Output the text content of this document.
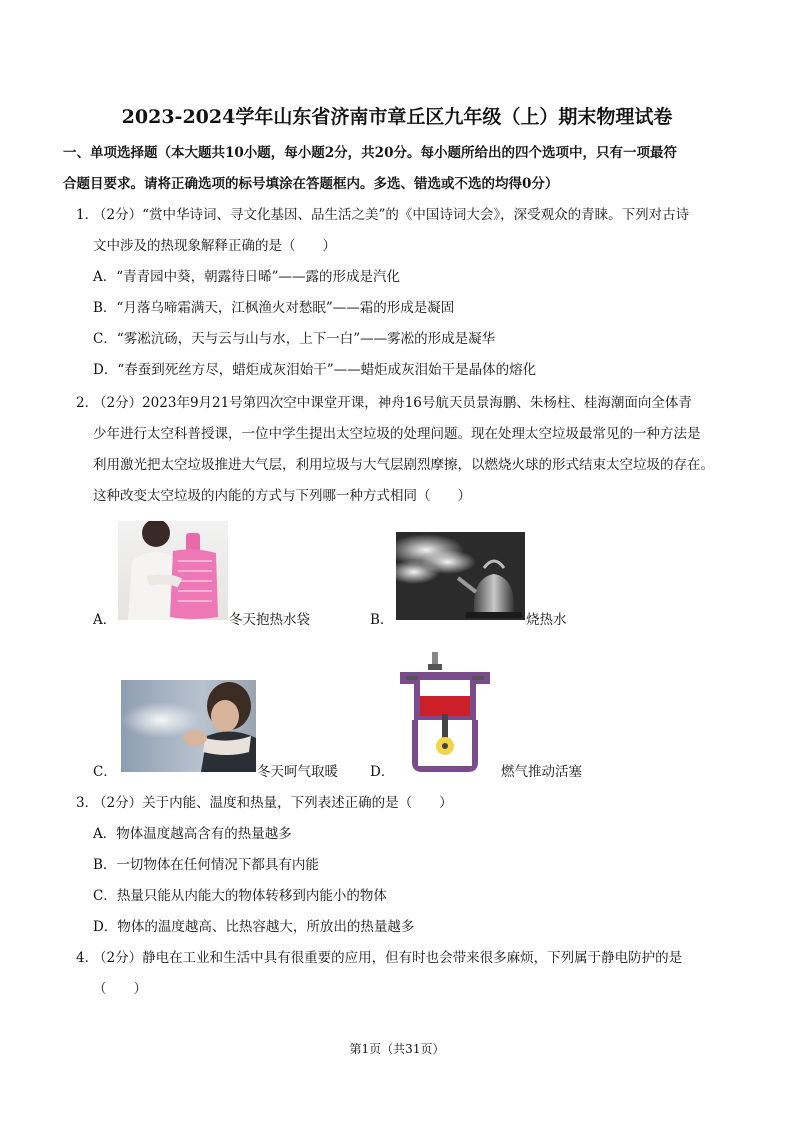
2023-2024学年山东省济南市章丘区九年级（上）期末物理试卷
一、单项选择题（本大题共10小题，每小题2分，共20分。每小题所给出的四个选项中，只有一项最符
合题目要求。请将正确选项的标号填涂在答题框内。多选、错选或不选的均得0分）
1．
（2分）“赏中华诗词、寻文化基因、品生活之美”的《中国诗词大会》，深受观众的青睐。下列对古诗
文中涉及的热现象解释正确的是（　　）
A．“青青园中葵，朝露待日晞”——露的形成是汽化
B．“月落乌啼霜满天，江枫渔火对愁眠”——霜的形成是凝固
C．“雾凇沆砀，天与云与山与水，上下一白”——雾凇的形成是凝华
D．“春蚕到死丝方尽，蜡炬成灰泪始干”——蜡炬成灰泪始干是晶体的熔化
2．
（2分）2023年9月21号第四次空中课堂开课，神舟16号航天员景海鹏、朱杨柱、桂海潮面向全体青
少年进行太空科普授课，一位中学生提出太空垃圾的处理问题。现在处理太空垃圾最常见的一种方法是
利用激光把太空垃圾推进大气层，利用垃圾与大气层剧烈摩擦，以燃烧火球的形式结束太空垃圾的存在。
这种改变太空垃圾的内能的方式与下列哪一种方式相同（　　）
A．	冬天抱热水袋	B．	烧热水
C．	冬天呵气取暖 D．	燃气推动活塞
3．
（2分）关于内能、温度和热量，下列表述正确的是（　　）
A．物体温度越高含有的热量越多
B．一切物体在任何情况下都具有内能
C．热量只能从内能大的物体转移到内能小的物体
D．物体的温度越高、比热容越大，所放出的热量越多
4．
（2分）静电在工业和生活中具有很重要的应用，但有时也会带来很多麻烦，下列属于静电防护的是
（　　）
第1页（共31页）
